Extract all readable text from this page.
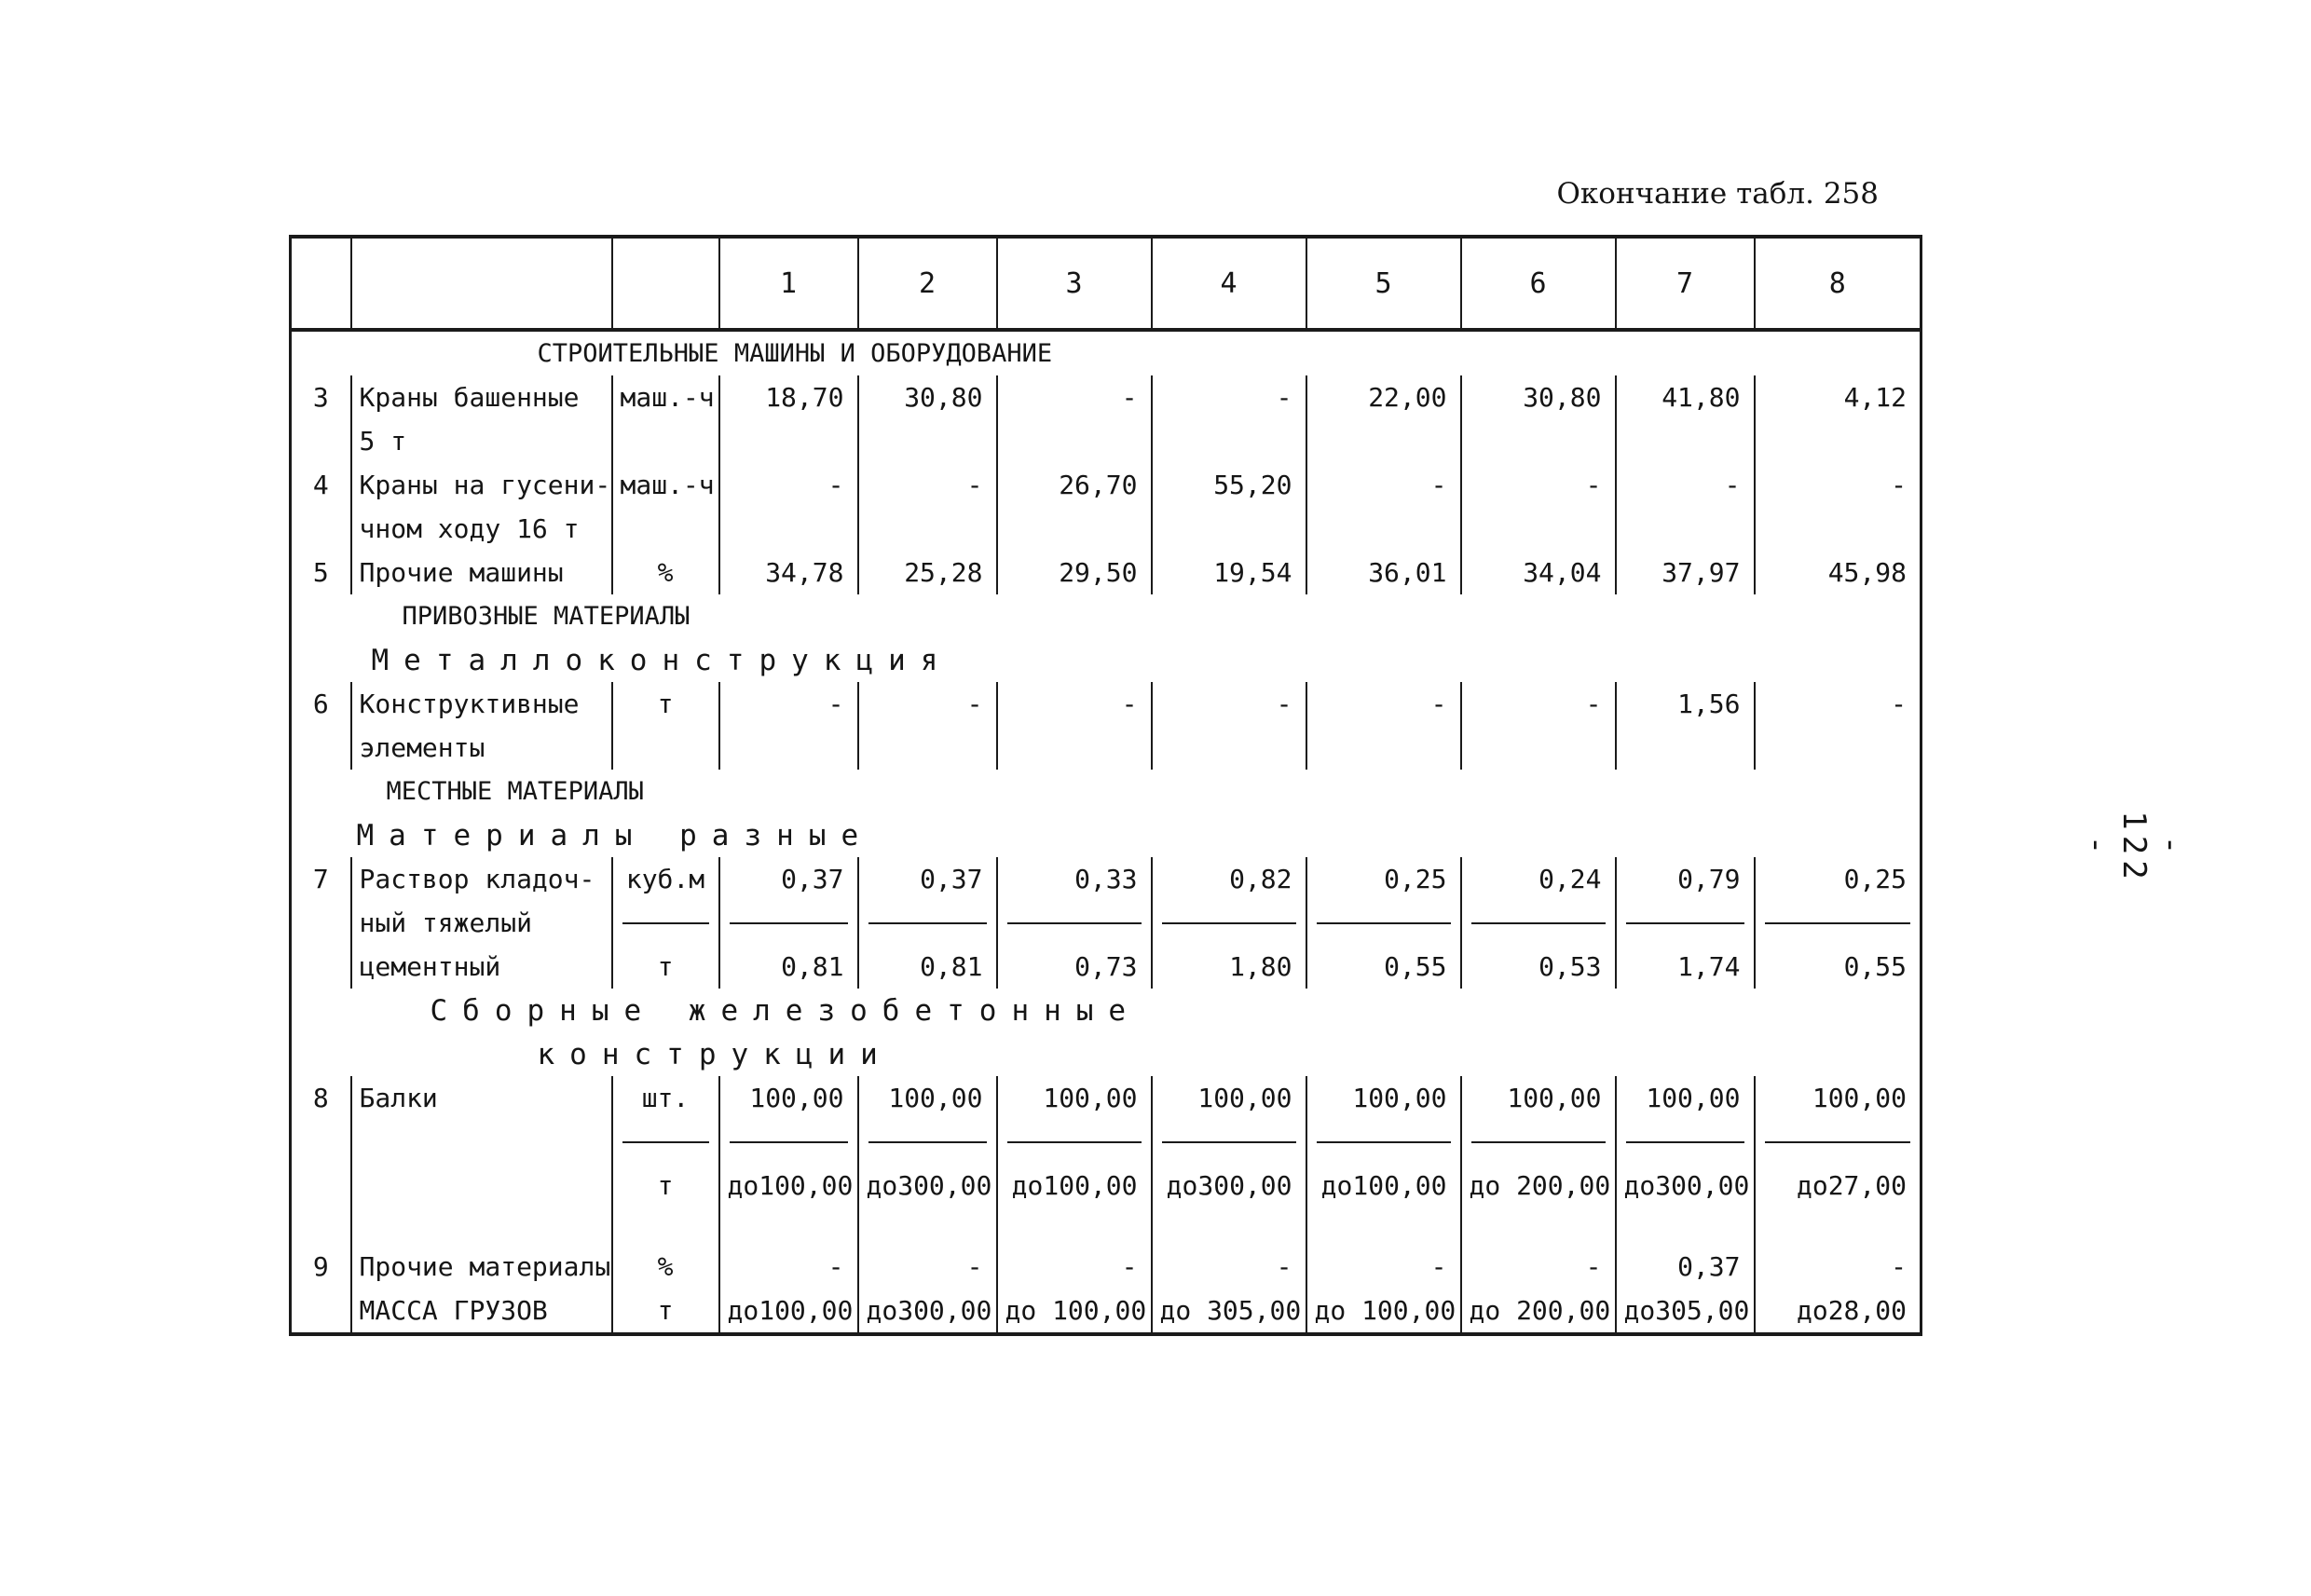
Окончание табл. 258
- 122 -
			1	2	3	4	5	6	7	8
	СТРОИТЕЛЬНЫЕ МАШИНЫ И ОБОРУДОВАНИЕ									
3	Краны башенные	маш.-ч	18,70	30,80	-	-	22,00	30,80	41,80	4,12
	5 т									
4	Краны на гусени-	маш.-ч	-	-	26,70	55,20	-	-	-	-
	чном ходу 16 т									
5	Прочие машины	%	34,78	25,28	29,50	19,54	36,01	34,04	37,97	45,98
	ПРИВОЗНЫЕ МАТЕРИАЛЫ									
	Металлоконструкция									
6	Конструктивные	т	-	-	-	-	-	-	1,56	-
	элементы									
	МЕСТНЫЕ МАТЕРИАЛЫ									
	Материалы разные									
7	Раствор кладоч-	куб.м	0,37	0,37	0,33	0,82	0,25	0,24	0,79	0,25
	ный тяжелый	

	цементный	т	0,81	0,81	0,73	1,80	0,55	0,53	1,74	0,55
	Сборные железобетонные									
	конструкции									
8	Балки	шт.	100,00	100,00	100,00	100,00	100,00	100,00	100,00	100,00

		т	до100,00	до300,00	до100,00	до300,00	до100,00	до 200,00	до300,00	до27,00

9	Прочие материалы	%	-	-	-	-	-	-	0,37	-
	МАССА ГРУЗОВ	т	до100,00	до300,00	до 100,00	до 305,00	до 100,00	до 200,00	до305,00	до28,00
